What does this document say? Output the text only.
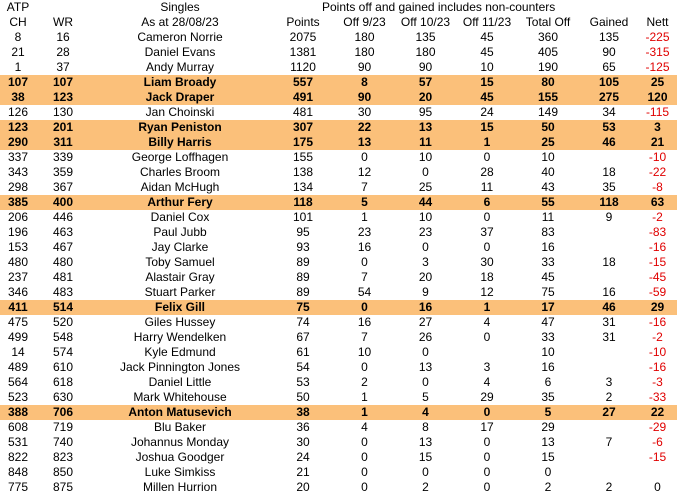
ATP		Singles	Points off and gained includes non-counters						
CH	WR	As at 28/08/23	Points	Off 9/23	Off 10/23	Off 11/23	Total Off	Gained	Nett
8	16	Cameron Norrie	2075	180	135	45	360	135	-225
21	28	Daniel Evans	1381	180	180	45	405	90	-315
1	37	Andy Murray	1120	90	90	10	190	65	-125
107	107	Liam Broady	557	8	57	15	80	105	25
38	123	Jack Draper	491	90	20	45	155	275	120
126	130	Jan Choinski	481	30	95	24	149	34	-115
123	201	Ryan Peniston	307	22	13	15	50	53	3
290	311	Billy Harris	175	13	11	1	25	46	21
337	339	George Loffhagen	155	0	10	0	10		-10
343	359	Charles Broom	138	12	0	28	40	18	-22
298	367	Aidan McHugh	134	7	25	11	43	35	-8
385	400	Arthur Fery	118	5	44	6	55	118	63
206	446	Daniel Cox	101	1	10	0	11	9	-2
196	463	Paul Jubb	95	23	23	37	83		-83
153	467	Jay Clarke	93	16	0	0	16		-16
480	480	Toby Samuel	89	0	3	30	33	18	-15
237	481	Alastair Gray	89	7	20	18	45		-45
346	483	Stuart Parker	89	54	9	12	75	16	-59
411	514	Felix Gill	75	0	16	1	17	46	29
475	520	Giles Hussey	74	16	27	4	47	31	-16
499	548	Harry Wendelken	67	7	26	0	33	31	-2
14	574	Kyle Edmund	61	10	0		10		-10
489	610	Jack Pinnington Jones	54	0	13	3	16		-16
564	618	Daniel Little	53	2	0	4	6	3	-3
523	630	Mark Whitehouse	50	1	5	29	35	2	-33
388	706	Anton Matusevich	38	1	4	0	5	27	22
608	719	Blu Baker	36	4	8	17	29		-29
531	740	Johannus Monday	30	0	13	0	13	7	-6
822	823	Joshua Goodger	24	0	15	0	15		-15
848	850	Luke Simkiss	21	0	0	0	0		
775	875	Millen Hurrion	20	0	2	0	2	2	0
